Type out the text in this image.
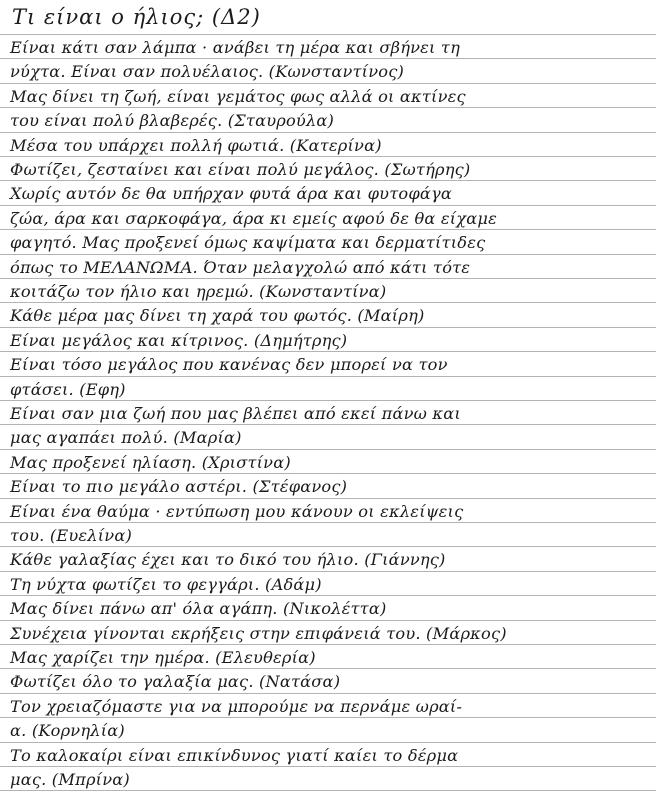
Τι είναι ο ήλιος; (Δ2)
Είναι κάτι σαν λάμπα · ανάβει τη μέρα και σβήνει τη
νύχτα. Είναι σαν πολυέλαιος. (Κωνσταντίνος)
Μας δίνει τη ζωή, είναι γεμάτος φως αλλά οι ακτίνες
του είναι πολύ βλαβερές. (Σταυρούλα)
Μέσα του υπάρχει πολλή φωτιά. (Κατερίνα)
Φωτίζει, ζεσταίνει και είναι πολύ μεγάλος. (Σωτήρης)
Χωρίς αυτόν δε θα υπήρχαν φυτά άρα και φυτοφάγα
ζώα, άρα και σαρκοφάγα, άρα κι εμείς αφού δε θα είχαμε
φαγητό. Μας προξενεί όμως καψίματα και δερματίτιδες
όπως το ΜΕΛΑΝΩΜΑ. Όταν μελαγχολώ από κάτι τότε
κοιτάζω τον ήλιο και ηρεμώ. (Κωνσταντίνα)
Κάθε μέρα μας δίνει τη χαρά του φωτός. (Μαίρη)
Είναι μεγάλος και κίτρινος. (Δημήτρης)
Είναι τόσο μεγάλος που κανένας δεν μπορεί να τον
φτάσει. (Εφη)
Είναι σαν μια ζωή που μας βλέπει από εκεί πάνω και
μας αγαπάει πολύ. (Μαρία)
Μας προξενεί ηλίαση. (Χριστίνα)
Είναι το πιο μεγάλο αστέρι. (Στέφανος)
Είναι ένα θαύμα · εντύπωση μου κάνουν οι εκλείψεις
του. (Ευελίνα)
Κάθε γαλαξίας έχει και το δικό του ήλιο. (Γιάννης)
Τη νύχτα φωτίζει το φεγγάρι. (Αδάμ)
Μας δίνει πάνω απ' όλα αγάπη. (Νικολέττα)
Συνέχεια γίνονται εκρήξεις στην επιφάνειά του. (Μάρκος)
Μας χαρίζει την ημέρα. (Ελευθερία)
Φωτίζει όλο το γαλαξία μας. (Νατάσα)
Τον χρειαζόμαστε για να μπορούμε να περνάμε ωραί-
α. (Κορνηλία)
Το καλοκαίρι είναι επικίνδυνος γιατί καίει το δέρμα
μας. (Μπρίνα)
